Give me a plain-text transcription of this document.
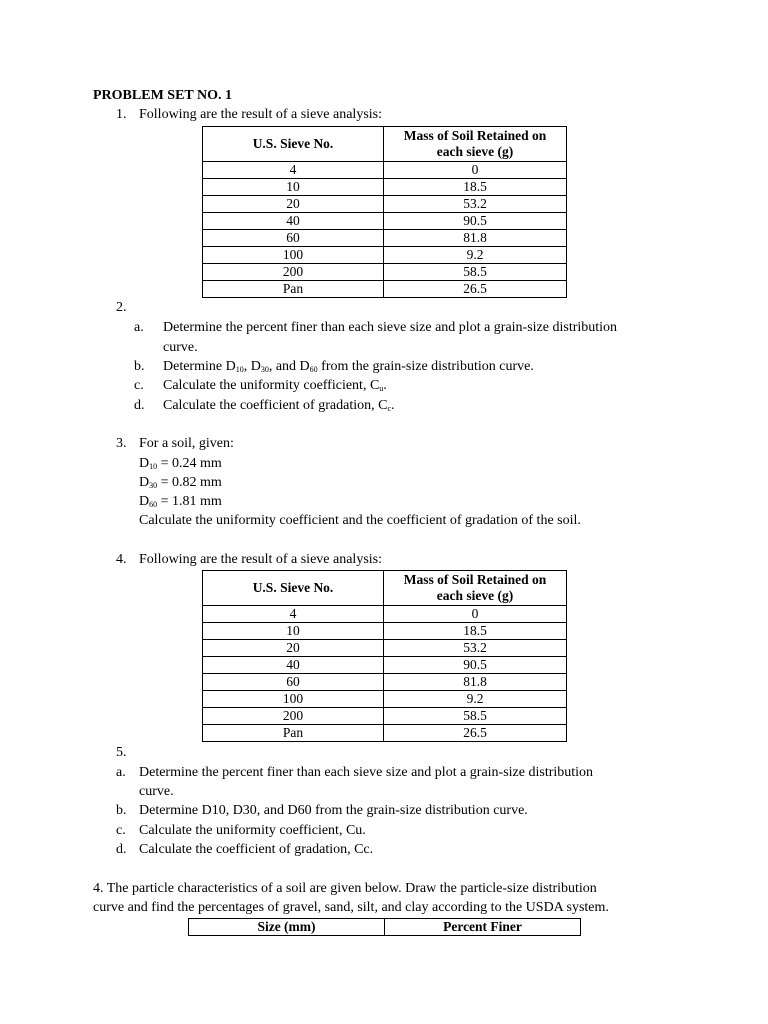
PROBLEM SET NO. 1
1. Following are the result of a sieve analysis:
U.S. Sieve No.	Mass of Soil Retained on
each sieve (g)
4	0
10	18.5
20	53.2
40	90.5
60	81.8
100	9.2
200	58.5
Pan	26.5
2.
a. Determine the percent finer than each sieve size and plot a grain-size distribution
curve.
b. Determine $D_{10}$, $D_{30}$, and $D_{60}$ from the grain-size distribution curve.
c. Calculate the uniformity coefficient, $C_u$.
d. Calculate the coefficient of gradation, $C_c$.
3. For a soil, given:
$D_{10} = 0.24$ mm
$D_{30} = 0.82$ mm
$D_{60} = 1.81$ mm
Calculate the uniformity coefficient and the coefficient of gradation of the soil.
4. Following are the result of a sieve analysis:
U.S. Sieve No.	Mass of Soil Retained on
each sieve (g)
4	0
10	18.5
20	53.2
40	90.5
60	81.8
100	9.2
200	58.5
Pan	26.5
5.
a. Determine the percent finer than each sieve size and plot a grain-size distribution
curve.
b. Determine D10, D30, and D60 from the grain-size distribution curve.
c. Calculate the uniformity coefficient, Cu.
d. Calculate the coefficient of gradation, Cc.
4. The particle characteristics of a soil are given below. Draw the particle-size distribution
curve and find the percentages of gravel, sand, silt, and clay according to the USDA system.
Size (mm)	Percent Finer
